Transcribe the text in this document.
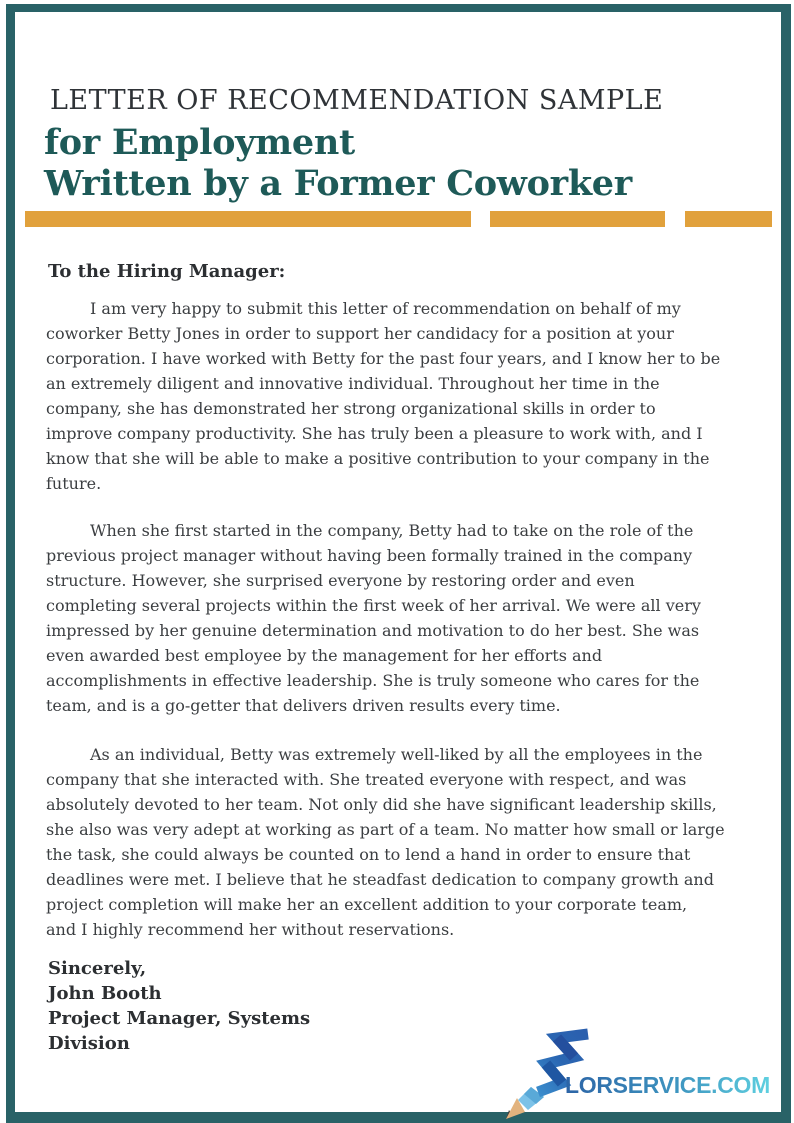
LETTER OF RECOMMENDATION SAMPLE
for Employment
Written by a Former Coworker

To the Hiring Manager:

I am very happy to submit this letter of recommendation on behalf of my
coworker Betty Jones in order to support her candidacy for a position at your
corporation. I have worked with Betty for the past four years, and I know her to be
an extremely diligent and innovative individual. Throughout her time in the
company, she has demonstrated her strong organizational skills in order to
improve company productivity. She has truly been a pleasure to work with, and I
know that she will be able to make a positive contribution to your company in the
future.
When she first started in the company, Betty had to take on the role of the
previous project manager without having been formally trained in the company
structure. However, she surprised everyone by restoring order and even
completing several projects within the first week of her arrival. We were all very
impressed by her genuine determination and motivation to do her best. She was
even awarded best employee by the management for her efforts and
accomplishments in effective leadership. She is truly someone who cares for the
team, and is a go-getter that delivers driven results every time.
As an individual, Betty was extremely well-liked by all the employees in the
company that she interacted with. She treated everyone with respect, and was
absolutely devoted to her team. Not only did she have significant leadership skills,
she also was very adept at working as part of a team. No matter how small or large
the task, she could always be counted on to lend a hand in order to ensure that
deadlines were met. I believe that he steadfast dedication to company growth and
project completion will make her an excellent addition to your corporate team,
and I highly recommend her without reservations.
Sincerely,
John Booth
Project Manager, Systems
Division
LORSERVICE.COM
